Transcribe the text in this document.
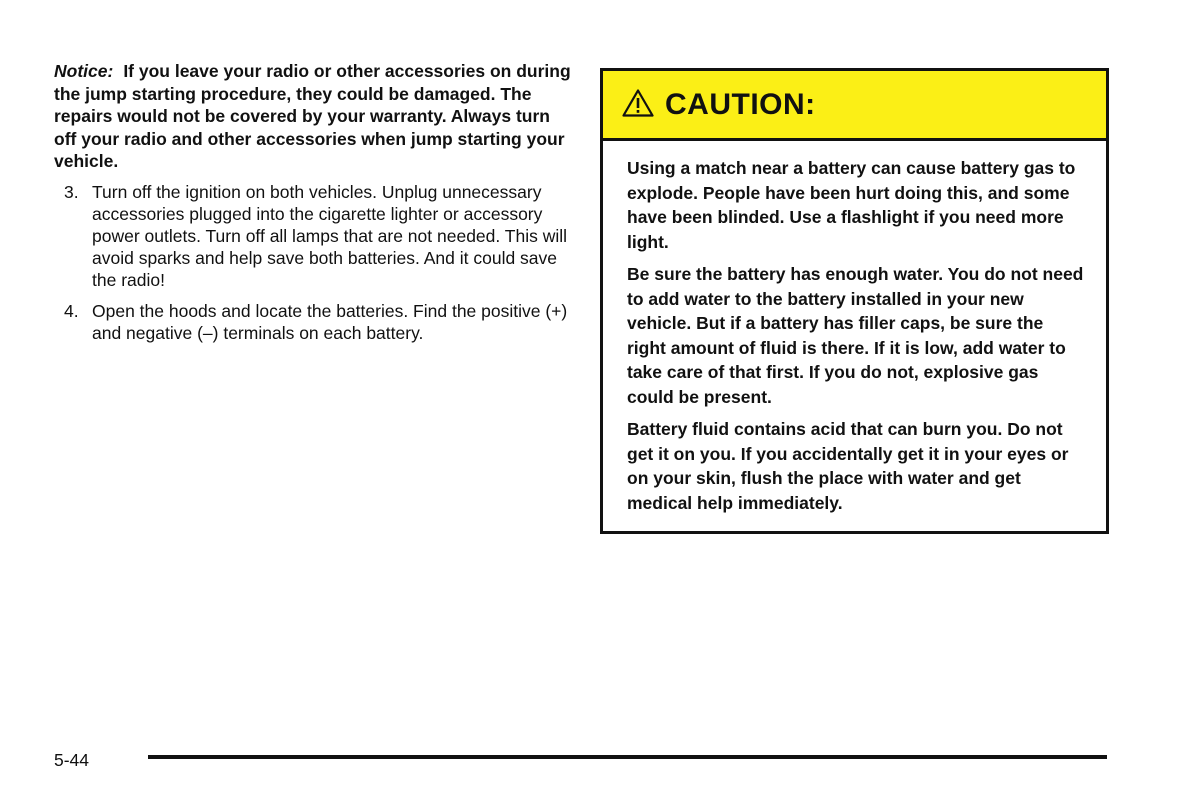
Notice: If you leave your radio or other accessories on during the jump starting procedure, they could be damaged. The repairs would not be covered by your warranty. Always turn off your radio and other accessories when jump starting your vehicle.

3. Turn off the ignition on both vehicles. Unplug unnecessary accessories plugged into the cigarette lighter or accessory power outlets. Turn off all lamps that are not needed. This will avoid sparks and help save both batteries. And it could save the radio!
4. Open the hoods and locate the batteries. Find the positive (+) and negative (–) terminals on each battery.
CAUTION:

Using a match near a battery can cause battery gas to explode. People have been hurt doing this, and some have been blinded. Use a flashlight if you need more light.

Be sure the battery has enough water. You do not need to add water to the battery installed in your new vehicle. But if a battery has filler caps, be sure the right amount of fluid is there. If it is low, add water to take care of that first. If you do not, explosive gas could be present.

Battery fluid contains acid that can burn you. Do not get it on you. If you accidentally get it in your eyes or on your skin, flush the place with water and get medical help immediately.

5-44
